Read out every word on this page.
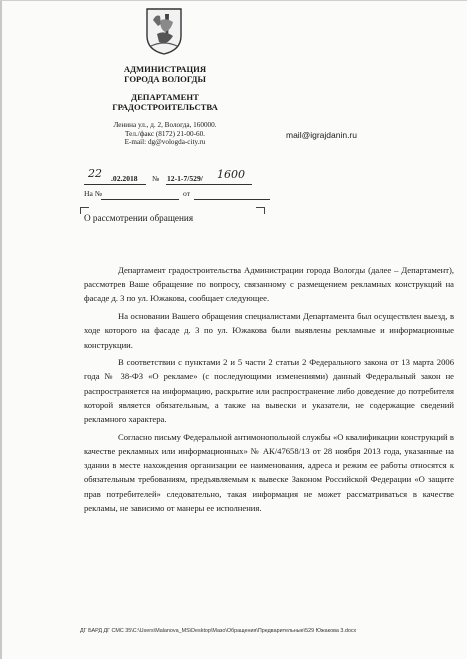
АДМИНИСТРАЦИЯ
ГОРОДА ВОЛОГДЫ
ДЕПАРТАМЕНТ
ГРАДОСТРОИТЕЛЬСТВА
Ленина ул., д. 2, Вологда, 160000.
Тел./факс (8172) 21-00-60.
E-mail: dg@vologda-city.ru
mail@igrajdanin.ru
22 .02.2018 № 12-1-7/529/ 1600
На №	от
О рассмотрении обращения

Департамент градостроительства Администрации города Вологды (далее – Департамент), рассмотрев Ваше обращение по вопросу, связанному с размещением рекламных конструкций на фасаде д. 3 по ул. Южакова, сообщает следующее.

На основании Вашего обращения специалистами Департамента был осуществлен выезд, в ходе которого на фасаде д. 3 по ул. Южакова были выявлены рекламные и информационные конструкции.

В соответствии с пунктами 2 и 5 части 2 статьи 2 Федерального закона от 13 марта 2006 года № 38-ФЗ «О рекламе» (с последующими изменениями) данный Федеральный закон не распространяется на информацию, раскрытие или распространение либо доведение до потребителя которой является обязательным, а также на вывески и указатели, не содержащие сведений рекламного характера.

Согласно письму Федеральной антимонопольной службы «О квалификации конструкций в качестве рекламных или информационных» № АК/47658/13 от 28 ноября 2013 года, указанные на здании в месте нахождения организации ее наименования, адреса и режим ее работы относятся к обязательным требованиям, предъявляемым к вывеске Законом Российской Федерации «О защите прав потребителей» следовательно, такая информация не может рассматриваться в качестве рекламы, не зависимо от манеры ее исполнения.

ДГ БАРД ДГ СМС 35\С:\Users\Malanova_MS\Desktop\Мазо\Обращения\Предварительные\529 Южакова 3.docx
